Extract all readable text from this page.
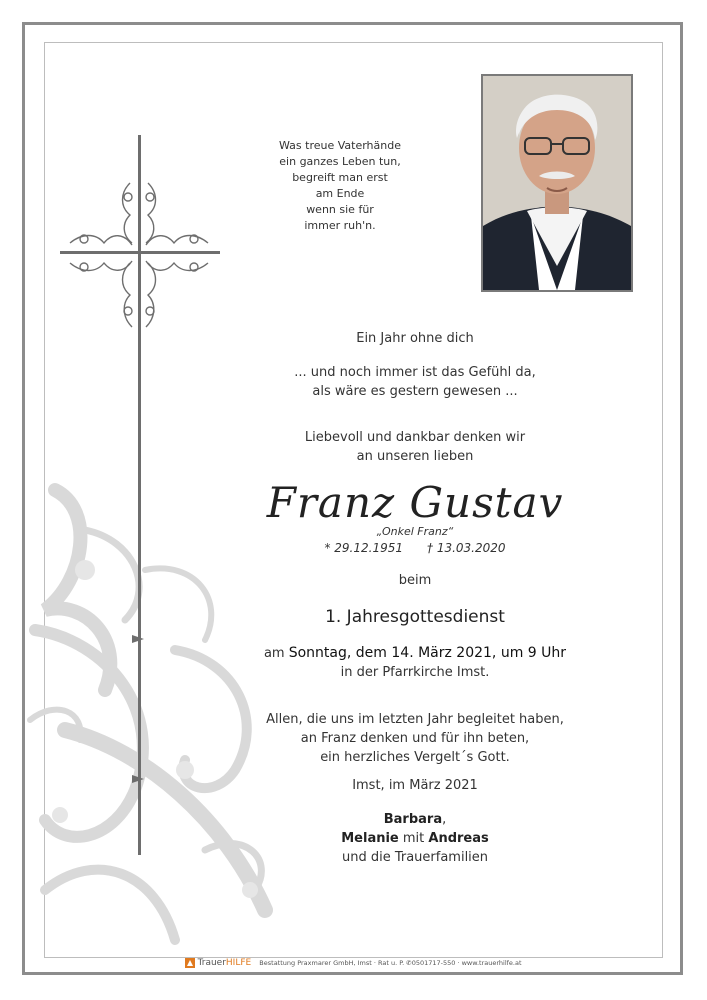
Was treue Vaterhände
ein ganzes Leben tun,
begreift man erst
am Ende
wenn sie für
immer ruh'n.
Ein Jahr ohne dich
... und noch immer ist das Gefühl da,
als wäre es gestern gewesen ...
Liebevoll und dankbar denken wir
an unseren lieben
Franz Gustav
„Onkel Franz“
* 29.12.1951 † 13.03.2020
beim
1. Jahresgottesdienst
am Sonntag, dem 14. März 2021, um 9 Uhr
in der Pfarrkirche Imst.
Allen, die uns im letzten Jahr begleitet haben,
an Franz denken und für ihn beten,
ein herzliches Vergelt´s Gott.
Imst, im März 2021
Barbara,
Melanie mit Andreas
und die Trauerfamilien
TrauerHILFE Bestattung Praxmarer GmbH, Imst · Rat u. P. ✆0501717-550 · www.trauerhilfe.at
